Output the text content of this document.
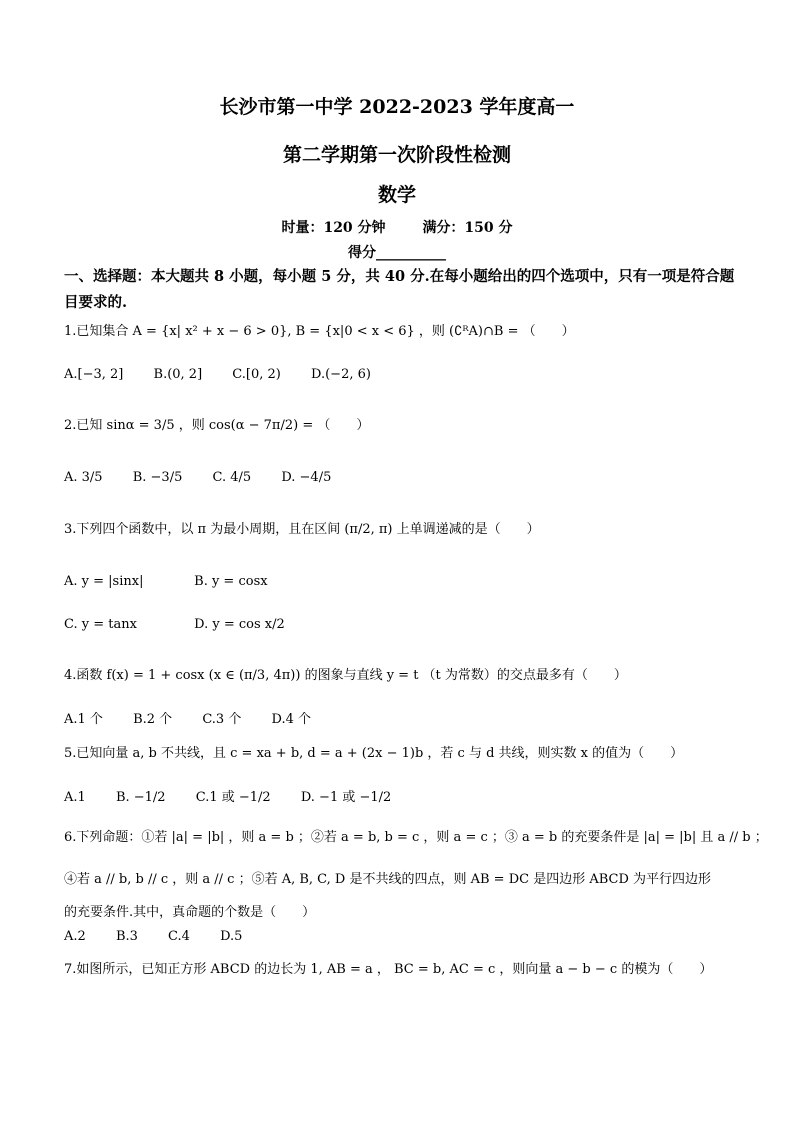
长沙市第一中学 2022-2023 学年度高一
第二学期第一次阶段性检测
数学
时量：120 分钟	满分：150 分
得分__________
一、选择题：本大题共 8 小题，每小题 5 分，共 40 分.在每小题给出的四个选项中，只有一项是符合题目要求的.
1.已知集合 A = {x| x² + x − 6 > 0}, B = {x|0 < x < 6} ，则 (∁ᴿA)∩B = （　　）
A.[−3, 2] B.(0, 2] C.[0, 2) D.(−2, 6)
2.已知 sinα = 3/5 ，则 cos(α − 7π/2) = （　　）
A. 3/5 B. −3/5 C. 4/5 D. −4/5
3.下列四个函数中，以 π 为最小周期，且在区间 (π/2, π) 上单调递减的是（　　）
A. y = |sinx|	B. y = cosx
C. y = tanx	D. y = cos x/2
4.函数 f(x) = 1 + cosx (x ∈ (π/3, 4π)) 的图象与直线 y = t （t 为常数）的交点最多有（　　）
A.1 个 B.2 个 C.3 个 D.4 个
5.已知向量 a, b 不共线，且 c = xa + b, d = a + (2x − 1)b ，若 c 与 d 共线，则实数 x 的值为（　　）
A.1 B. −1/2 C.1 或 −1/2 D. −1 或 −1/2
6.下列命题：①若 |a| = |b| ，则 a = b ；②若 a = b, b = c ，则 a = c ；③ a = b 的充要条件是 |a| = |b| 且 a // b ；
④若 a // b, b // c ，则 a // c ；⑤若 A, B, C, D 是不共线的四点，则 AB = DC 是四边形 ABCD 为平行四边形
的充要条件.其中，真命题的个数是（　　）
A.2 B.3 C.4 D.5
7.如图所示，已知正方形 ABCD 的边长为 1, AB = a ， BC = b, AC = c ，则向量 a − b − c 的模为（　　）
